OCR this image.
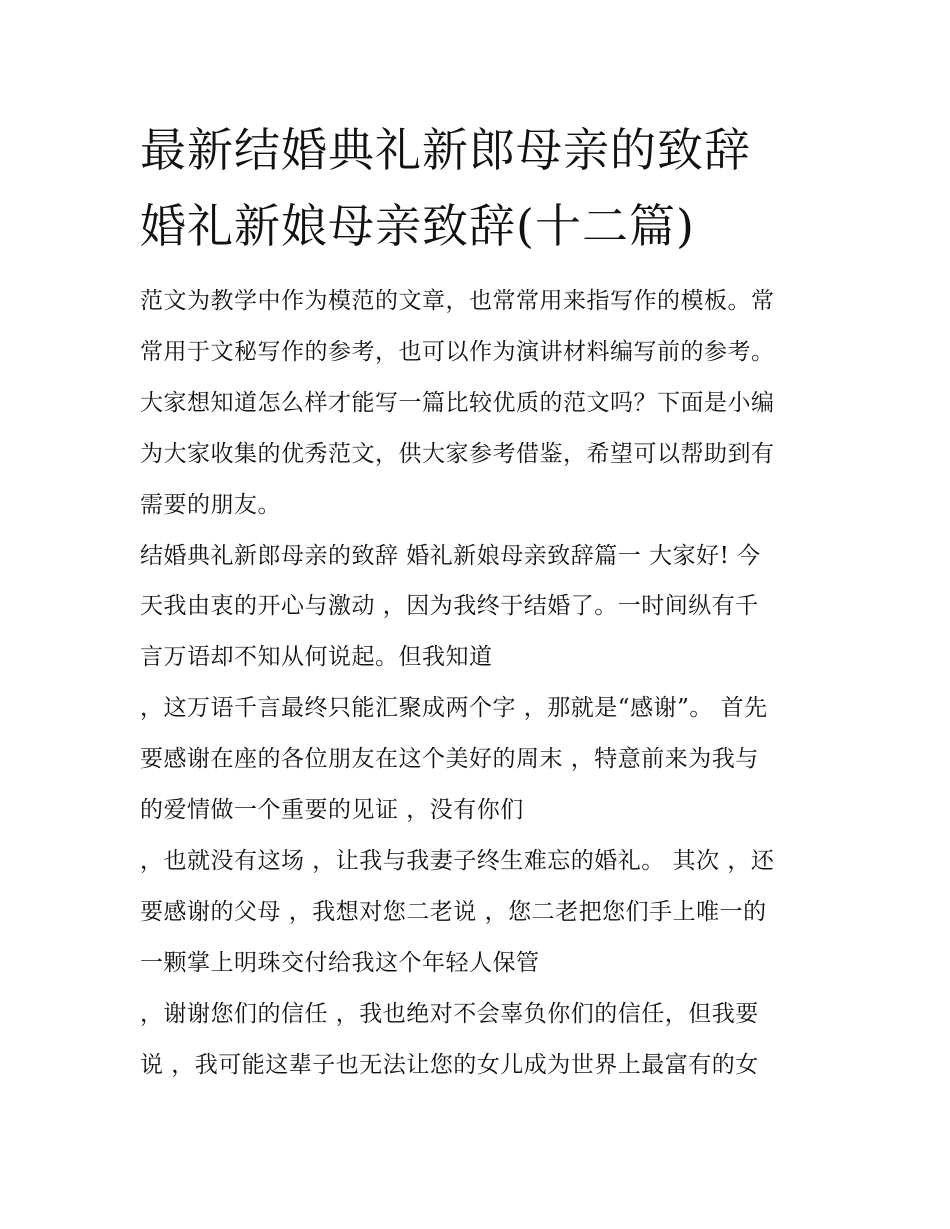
最新结婚典礼新郎母亲的致辞
婚礼新娘母亲致辞(十二篇)
范文为教学中作为模范的文章，也常常用来指写作的模板。常
常用于文秘写作的参考，也可以作为演讲材料编写前的参考。
大家想知道怎么样才能写一篇比较优质的范文吗？下面是小编
为大家收集的优秀范文，供大家参考借鉴，希望可以帮助到有
需要的朋友。
结婚典礼新郎母亲的致辞 婚礼新娘母亲致辞篇一 大家好! 今
天我由衷的开心与激动 ，因为我终于结婚了。一时间纵有千
言万语却不知从何说起。但我知道
，这万语千言最终只能汇聚成两个字 ，那就是“感谢”。 首先
要感谢在座的各位朋友在这个美好的周末 ，特意前来为我与
的爱情做一个重要的见证 ，没有你们
，也就没有这场 ，让我与我妻子终生难忘的婚礼。 其次 ，还
要感谢的父母 ，我想对您二老说 ，您二老把您们手上唯一的
一颗掌上明珠交付给我这个年轻人保管
，谢谢您们的信任 ，我也绝对不会辜负你们的信任，但我要
说 ，我可能这辈子也无法让您的女儿成为世界上最富有的女
